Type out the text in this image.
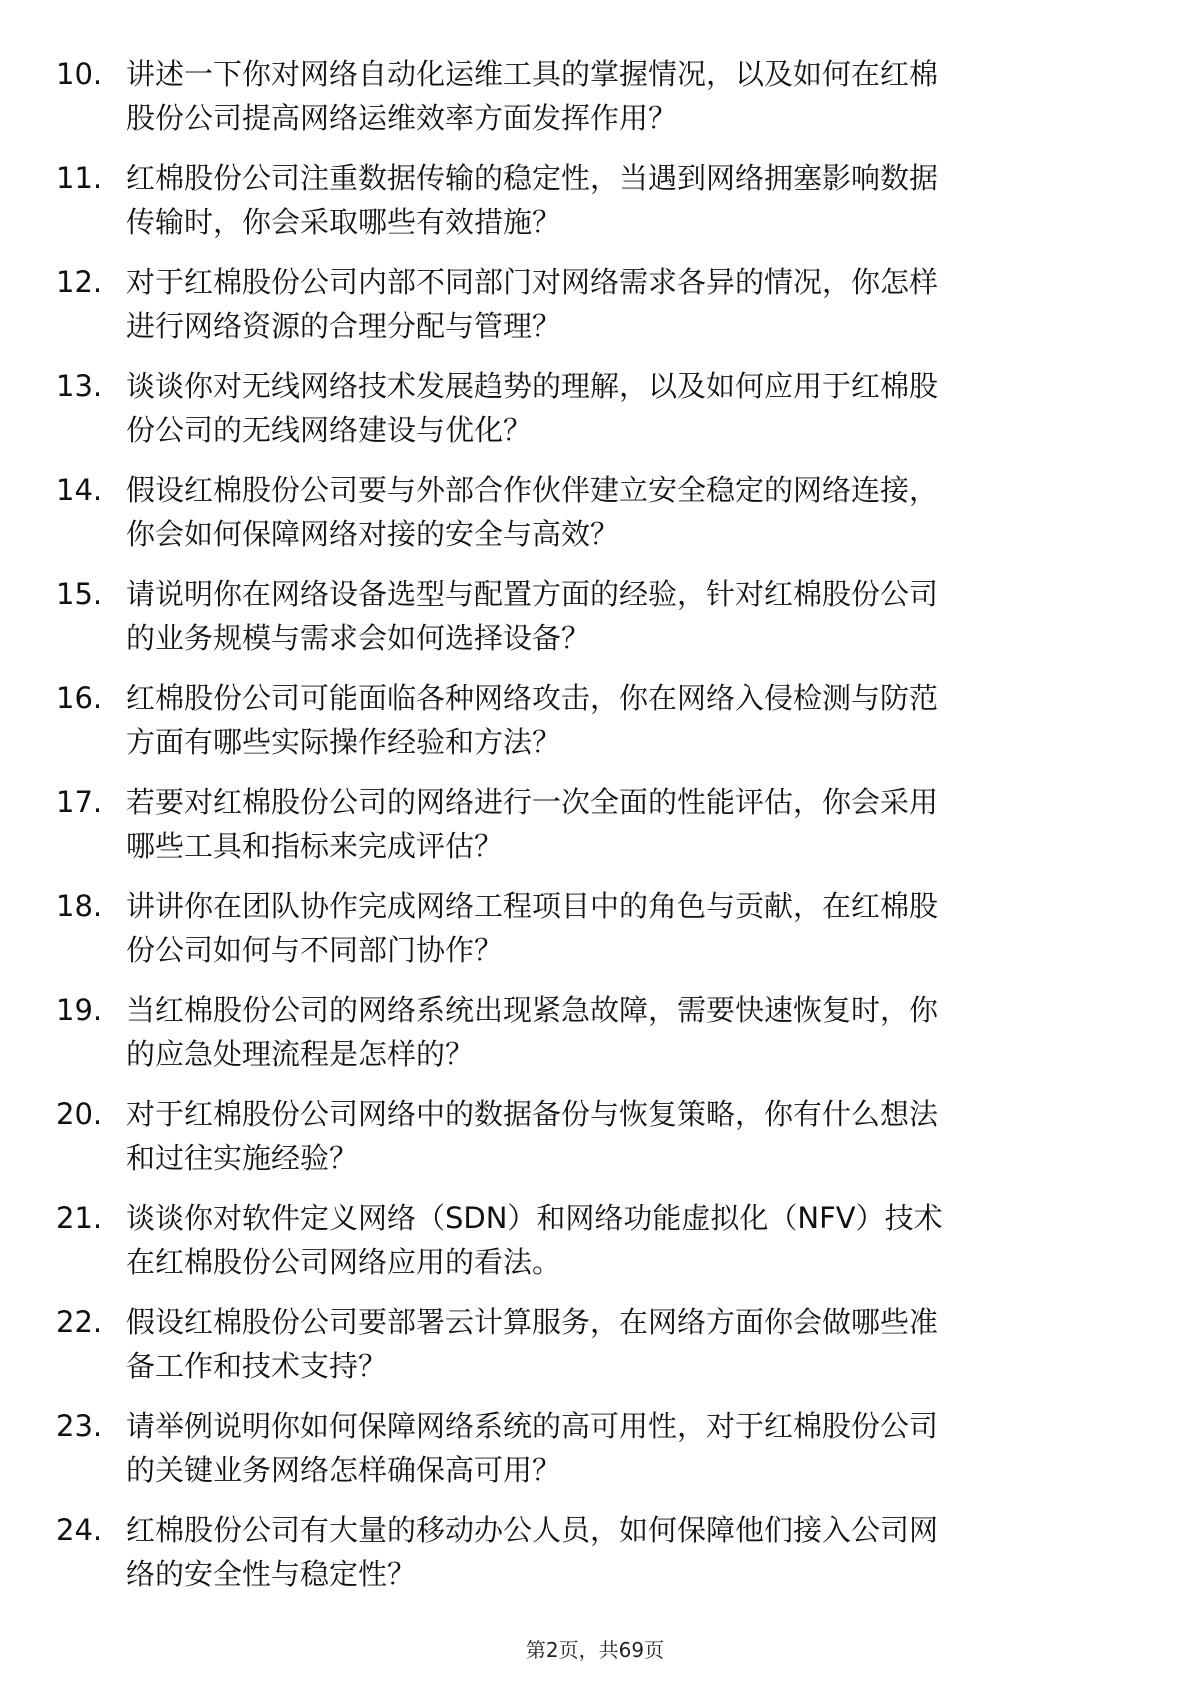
10. 讲述一下你对网络自动化运维工具的掌握情况，以及如何在红棉
股份公司提高网络运维效率方面发挥作用？
11. 红棉股份公司注重数据传输的稳定性，当遇到网络拥塞影响数据
传输时，你会采取哪些有效措施？
12. 对于红棉股份公司内部不同部门对网络需求各异的情况，你怎样
进行网络资源的合理分配与管理？
13. 谈谈你对无线网络技术发展趋势的理解，以及如何应用于红棉股
份公司的无线网络建设与优化？
14. 假设红棉股份公司要与外部合作伙伴建立安全稳定的网络连接，
你会如何保障网络对接的安全与高效？
15. 请说明你在网络设备选型与配置方面的经验，针对红棉股份公司
的业务规模与需求会如何选择设备？
16. 红棉股份公司可能面临各种网络攻击，你在网络入侵检测与防范
方面有哪些实际操作经验和方法？
17. 若要对红棉股份公司的网络进行一次全面的性能评估，你会采用
哪些工具和指标来完成评估？
18. 讲讲你在团队协作完成网络工程项目中的角色与贡献，在红棉股
份公司如何与不同部门协作？
19. 当红棉股份公司的网络系统出现紧急故障，需要快速恢复时，你
的应急处理流程是怎样的？
20. 对于红棉股份公司网络中的数据备份与恢复策略，你有什么想法
和过往实施经验？
21. 谈谈你对软件定义网络（SDN）和网络功能虚拟化（NFV）技术
在红棉股份公司网络应用的看法。
22. 假设红棉股份公司要部署云计算服务，在网络方面你会做哪些准
备工作和技术支持？
23. 请举例说明你如何保障网络系统的高可用性，对于红棉股份公司
的关键业务网络怎样确保高可用？
24. 红棉股份公司有大量的移动办公人员，如何保障他们接入公司网
络的安全性与稳定性？
第2页，共69页
